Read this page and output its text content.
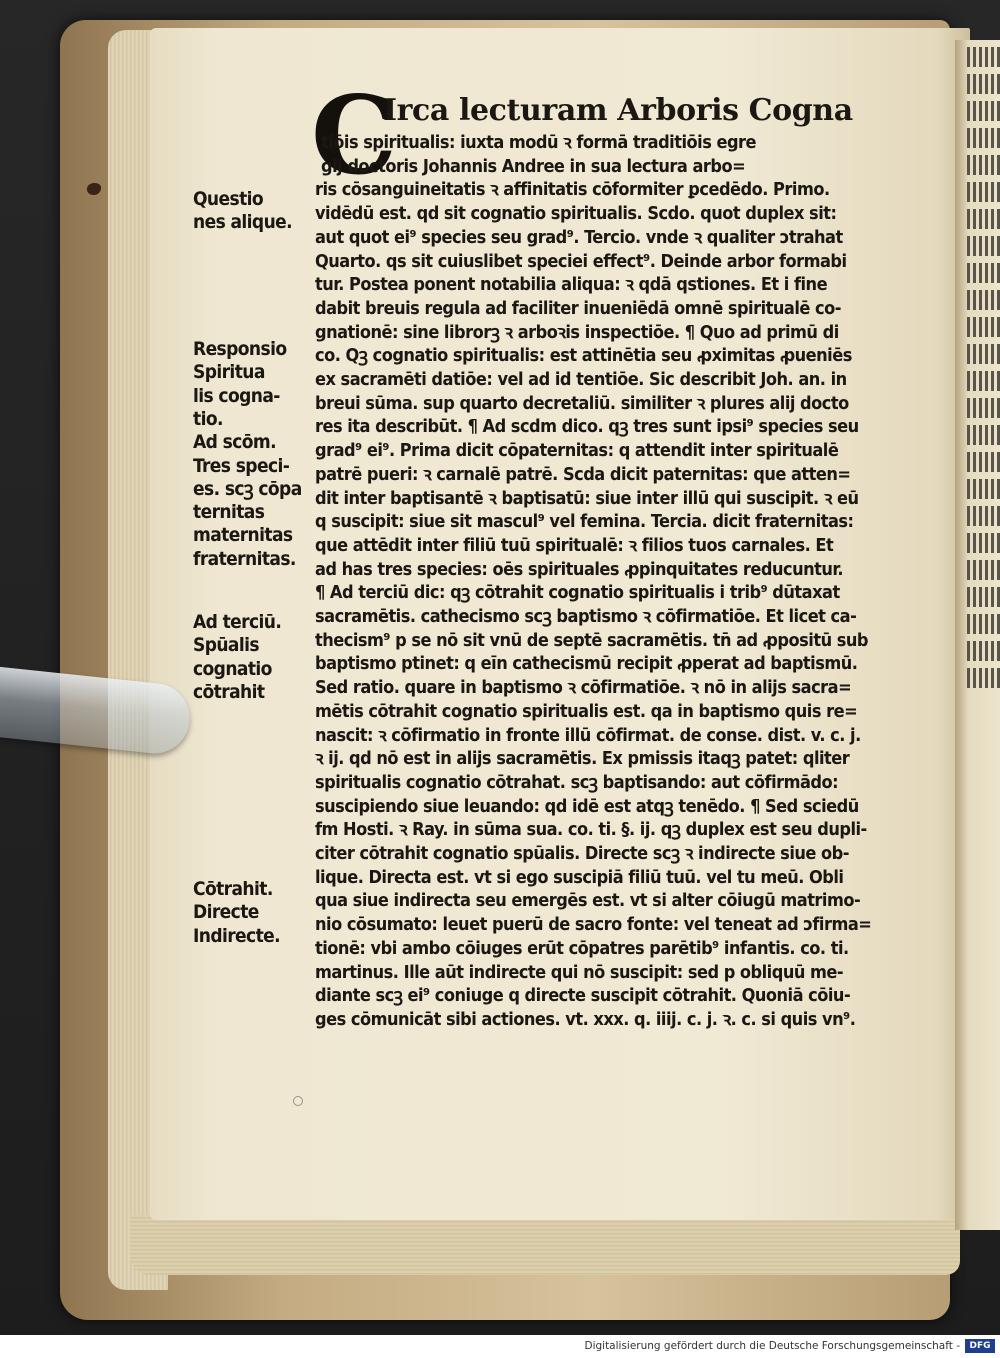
C
Irca lecturam Arboris Cogna
tiōis spiritualis: iuxta modū ꝛ formā traditiōis egre
gij doctoris Johannis Andree in sua lectura arbo=
ris cōsanguineitatis ꝛ affinitatis cōformiter ꝑcedēdo. Primo.
vidēdū est. qd sit cognatio spiritualis. Scdo. quot duplex sit:
aut quot ei⁹ species seu grad⁹. Tercio. vnde ꝛ qualiter ɔtrahat
Quarto. qs sit cuiuslibet speciei effect⁹. Deinde arbor formabi
tur. Postea ponent notabilia aliqua: ꝛ qdā qstiones. Et i fine
dabit breuis regula ad faciliter inueniēdā omnē spiritualē co-
gnationē: sine librorꝫ ꝛ arboꝛis inspectiōe. ¶ Quo ad primū di
co. Qꝫ cognatio spiritualis: est attinētia seu ꝓximitas ꝓueniēs
ex sacramēti datiōe: vel ad id tentiōe. Sic describit Joh. an. in
breui sūma. sup quarto decretaliū. similiter ꝛ plures alij docto
res ita describūt. ¶ Ad scdm dico. qꝫ tres sunt ipsi⁹ species seu
grad⁹ ei⁹. Prima dicit cōpaternitas: q attendit inter spiritualē
patrē pueri: ꝛ carnalē patrē. Scda dicit paternitas: que atten=
dit inter baptisantē ꝛ baptisatū: siue inter illū qui suscipit. ꝛ eū
q suscipit: siue sit mascul⁹ vel femina. Tercia. dicit fraternitas:
que attēdit inter filiū tuū spiritualē: ꝛ filios tuos carnales. Et
ad has tres species: oēs spirituales ꝓpinquitates reducuntur.
¶ Ad terciū dic: qꝫ cōtrahit cognatio spiritualis i trib⁹ dūtaxat
sacramētis. cathecismo scꝫ baptismo ꝛ cōfirmatiōe. Et licet ca-
thecism⁹ p se nō sit vnū de septē sacramētis. tn̄ ad ꝓpositū sub
baptismo ptinet: q eīn cathecismū recipit ꝓperat ad baptismū.
Sed ratio. quare in baptismo ꝛ cōfirmatiōe. ꝛ nō in alijs sacra=
mētis cōtrahit cognatio spiritualis est. qa in baptismo quis re=
nascit: ꝛ cōfirmatio in fronte illū cōfirmat. de conse. dist. v. c. j.
ꝛ ij. qd nō est in alijs sacramētis. Ex pmissis itaqꝫ patet: qliter
spiritualis cognatio cōtrahat. scꝫ baptisando: aut cōfirmādo:
suscipiendo siue leuando: qd idē est atqꝫ tenēdo. ¶ Sed sciedū
fm Hosti. ꝛ Ray. in sūma sua. co. ti. §. ij. qꝫ duplex est seu dupli-
citer cōtrahit cognatio spūalis. Directe scꝫ ꝛ indirecte siue ob-
lique. Directa est. vt si ego suscipiā filiū tuū. vel tu meū. Obli
qua siue indirecta seu emergēs est. vt si alter cōiugū matrimo-
nio cōsumato: leuet puerū de sacro fonte: vel teneat ad ɔfirma=
tionē: vbi ambo cōiuges erūt cōpatres parētib⁹ infantis. co. ti.
martinus. Ille aūt indirecte qui nō suscipit: sed p obliquū me-
diante scꝫ ei⁹ coniuge q directe suscipit cōtrahit. Quoniā cōiu-
ges cōmunicāt sibi actiones. vt. xxx. q. iiij. c. j. ꝛ. c. si quis vn⁹.
Questio
nes alique.
Responsio
Spiritua
lis cogna-
tio.
Ad scōm.
Tres speci-
es. scꝫ cōpa
ternitas
maternitas
fraternitas.
Ad terciū.
Spūalis
cognatio
cōtrahit
Cōtrahit.
Directe
Indirecte.
Digitalisierung gefördert durch die Deutsche Forschungsgemeinschaft -	DFG
